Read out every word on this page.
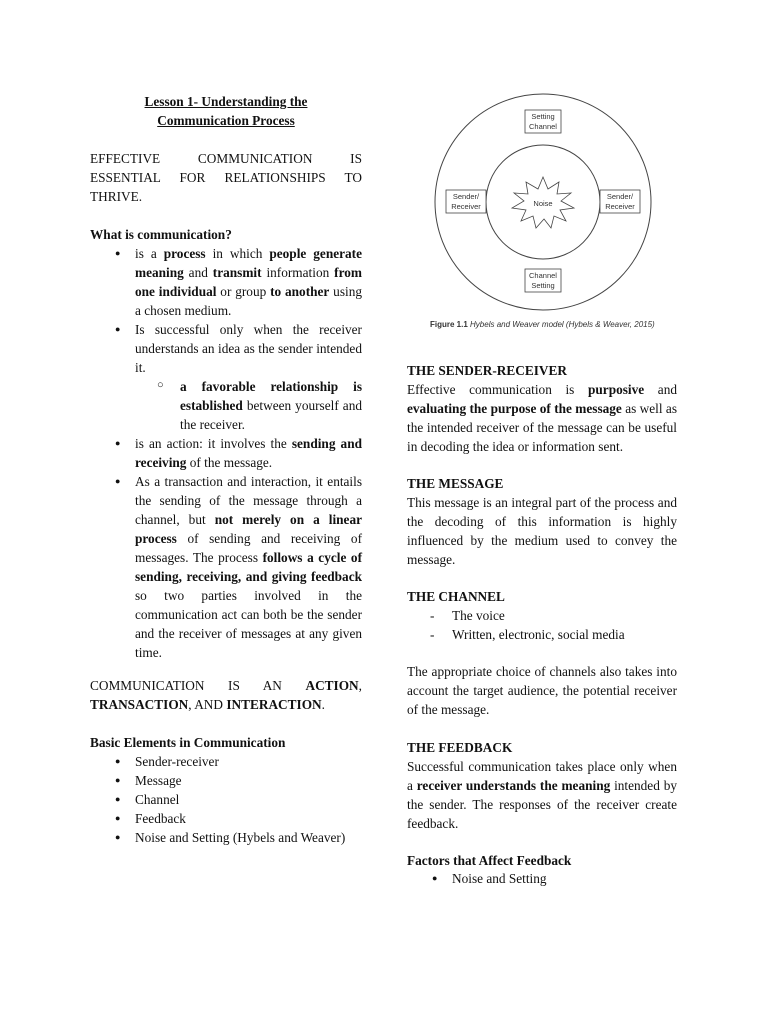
Lesson 1- Understanding the
Communication Process
EFFECTIVE COMMUNICATION IS ESSENTIAL FOR RELATIONSHIPS TO THRIVE.
What is communication?
● is a process in which people generate meaning and transmit information from one individual or group to another using a chosen medium.
● Is successful only when the receiver understands an idea as the sender intended it.
○ a favorable relationship is established between yourself and the receiver.
● is an action: it involves the sending and receiving of the message.
● As a transaction and interaction, it entails the sending of the message through a channel, but not merely on a linear process of sending and receiving of messages. The process follows a cycle of sending, receiving, and giving feedback so two parties involved in the communication act can both be the sender and the receiver of messages at any given time.
COMMUNICATION IS AN ACTION, TRANSACTION, AND INTERACTION.
Basic Elements in Communication
● Sender-receiver
● Message
● Channel
● Feedback
● Noise and Setting (Hybels and Weaver)
Setting
Channel
Channel
Setting
Sender/
Receiver
Sender/
Receiver
Noise
Figure 1.1 Hybels and Weaver model (Hybels & Weaver, 2015)
THE SENDER-RECEIVER
Effective communication is purposive and evaluating the purpose of the message as well as the intended receiver of the message can be useful in decoding the idea or information sent.
THE MESSAGE
This message is an integral part of the process and the decoding of this information is highly influenced by the medium used to convey the message.
THE CHANNEL
- The voice
- Written, electronic, social media
The appropriate choice of channels also takes into account the target audience, the potential receiver of the message.
THE FEEDBACK
Successful communication takes place only when a receiver understands the meaning intended by the sender. The responses of the receiver create feedback.
Factors that Affect Feedback
● Noise and Setting
